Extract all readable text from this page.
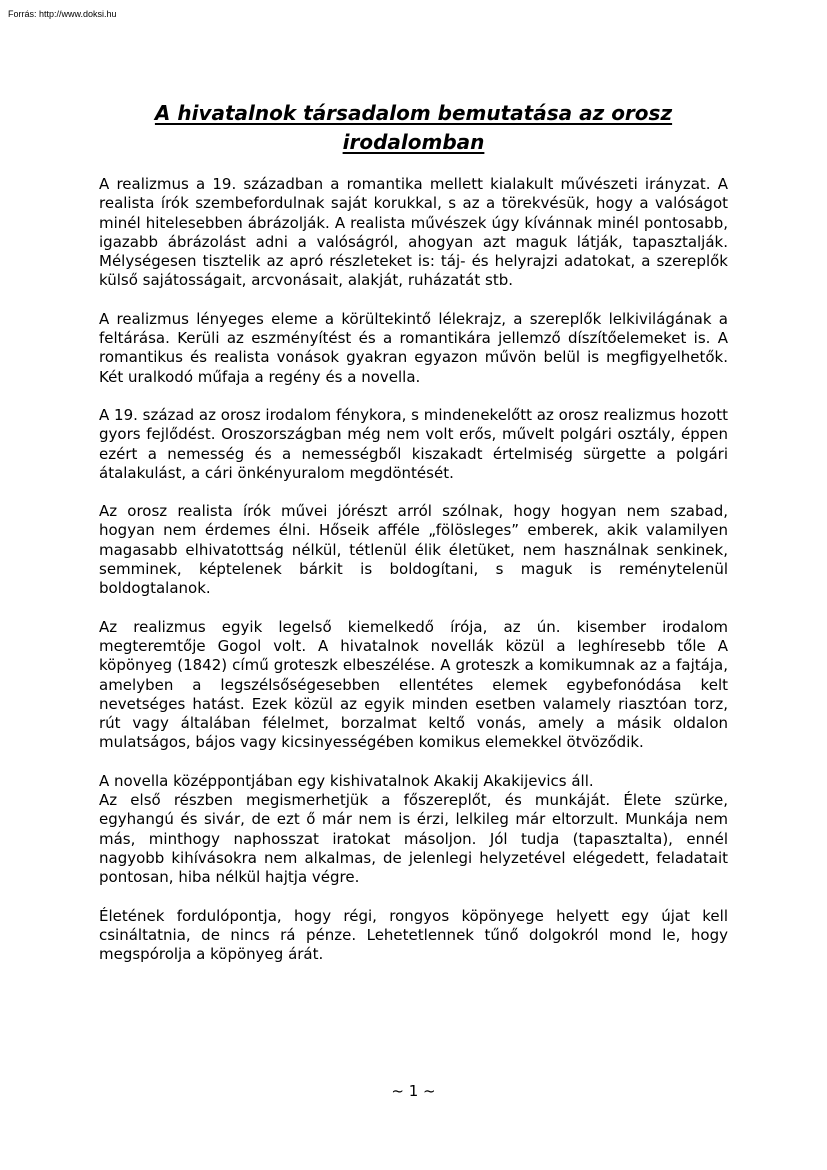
Forrás: http://www.doksi.hu

A hivatalnok társadalom bemutatása az orosz
irodalomban

A realizmus a 19. században a romantika mellett kialakult művészeti irányzat. A realista írók szembefordulnak saját korukkal, s az a törekvésük, hogy a valóságot minél hitelesebben ábrázolják. A realista művészek úgy kívánnak minél pontosabb, igazabb ábrázolást adni a valóságról, ahogyan azt maguk látják, tapasztalják. Mélységesen tisztelik az apró részleteket is: táj- és helyrajzi adatokat, a szereplők külső sajátosságait, arcvonásait, alakját, ruházatát stb.

A realizmus lényeges eleme a körültekintő lélekrajz, a szereplők lelkivilágának a feltárása. Kerüli az eszményítést és a romantikára jellemző díszítőelemeket is. A romantikus és realista vonások gyakran egyazon művön belül is megfigyelhetők. Két uralkodó műfaja a regény és a novella.

A 19. század az orosz irodalom fénykora, s mindenekelőtt az orosz realizmus hozott gyors fejlődést. Oroszországban még nem volt erős, művelt polgári osztály, éppen ezért a nemesség és a nemességből kiszakadt értelmiség sürgette a polgári átalakulást, a cári önkényuralom megdöntését.

Az orosz realista írók művei jórészt arról szólnak, hogy hogyan nem szabad, hogyan nem érdemes élni. Hőseik afféle „fölösleges” emberek, akik valamilyen magasabb elhivatottság nélkül, tétlenül élik életüket, nem használnak senkinek, semminek, képtelenek bárkit is boldogítani, s maguk is reménytelenül boldogtalanok.

Az realizmus egyik legelső kiemelkedő írója, az ún. kisember irodalom megteremtője Gogol volt. A hivatalnok novellák közül a leghíresebb tőle A köpönyeg (1842) című groteszk elbeszélése. A groteszk a komikumnak az a fajtája, amelyben a legszélsőségesebben ellentétes elemek egybefonódása kelt nevetséges hatást. Ezek közül az egyik minden esetben valamely riasztóan torz, rút vagy általában félelmet, borzalmat keltő vonás, amely a másik oldalon mulatságos, bájos vagy kicsinyességében komikus elemekkel ötvöződik.

A novella középpontjában egy kishivatalnok Akakij Akakijevics áll.

Az első részben megismerhetjük a főszereplőt, és munkáját. Élete szürke, egyhangú és sivár, de ezt ő már nem is érzi, lelkileg már eltorzult. Munkája nem más, minthogy naphosszat iratokat másoljon. Jól tudja (tapasztalta), ennél nagyobb kihívásokra nem alkalmas, de jelenlegi helyzetével elégedett, feladatait pontosan, hiba nélkül hajtja végre.

Életének fordulópontja, hogy régi, rongyos köpönyege helyett egy újat kell csináltatnia, de nincs rá pénze. Lehetetlennek tűnő dolgokról mond le, hogy megspórolja a köpönyeg árát.

~ 1 ~
